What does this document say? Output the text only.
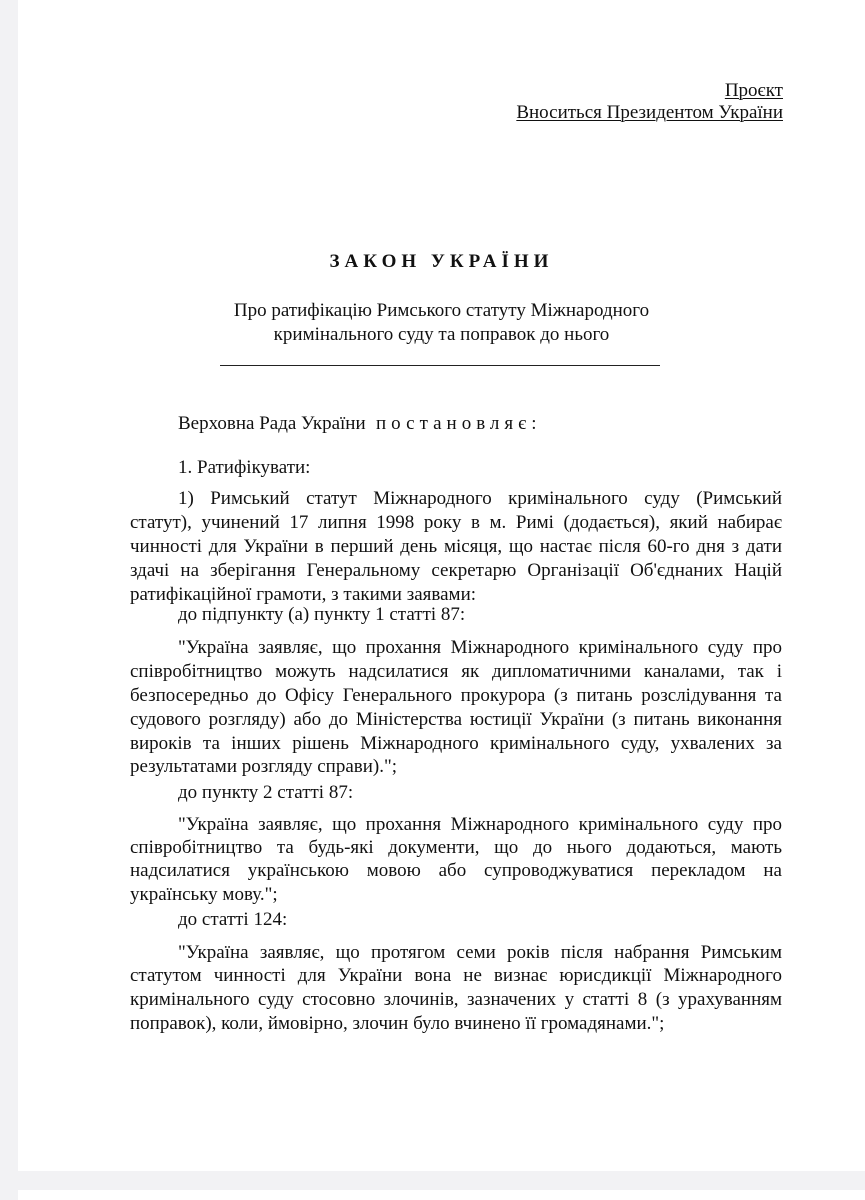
Проєкт
Вноситься Президентом України
ЗАКОН УКРАЇНИ
Про ратифікацію Римського статуту Міжнародного
кримінального суду та поправок до нього
Верховна Рада України постановляє:
1. Ратифікувати:
1) Римський статут Міжнародного кримінального суду (Римський
статут), учинений 17 липня 1998 року в м. Римі (додається), який набирає
чинності для України в перший день місяця, що настає після 60-го дня з дати
здачі на зберігання Генеральному секретарю Організації Об'єднаних Націй
ратифікаційної грамоти, з такими заявами:
до підпункту (а) пункту 1 статті 87:
"Україна заявляє, що прохання Міжнародного кримінального суду про
співробітництво можуть надсилатися як дипломатичними каналами, так і
безпосередньо до Офісу Генерального прокурора (з питань розслідування та
судового розгляду) або до Міністерства юстиції України (з питань виконання
вироків та інших рішень Міжнародного кримінального суду, ухвалених за
результатами розгляду справи).";
до пункту 2 статті 87:
"Україна заявляє, що прохання Міжнародного кримінального суду про
співробітництво та будь-які документи, що до нього додаються, мають
надсилатися українською мовою або супроводжуватися перекладом на
українську мову.";
до статті 124:
"Україна заявляє, що протягом семи років після набрання Римським
статутом чинності для України вона не визнає юрисдикції Міжнародного
кримінального суду стосовно злочинів, зазначених у статті 8 (з урахуванням
поправок), коли, ймовірно, злочин було вчинено її громадянами.";
